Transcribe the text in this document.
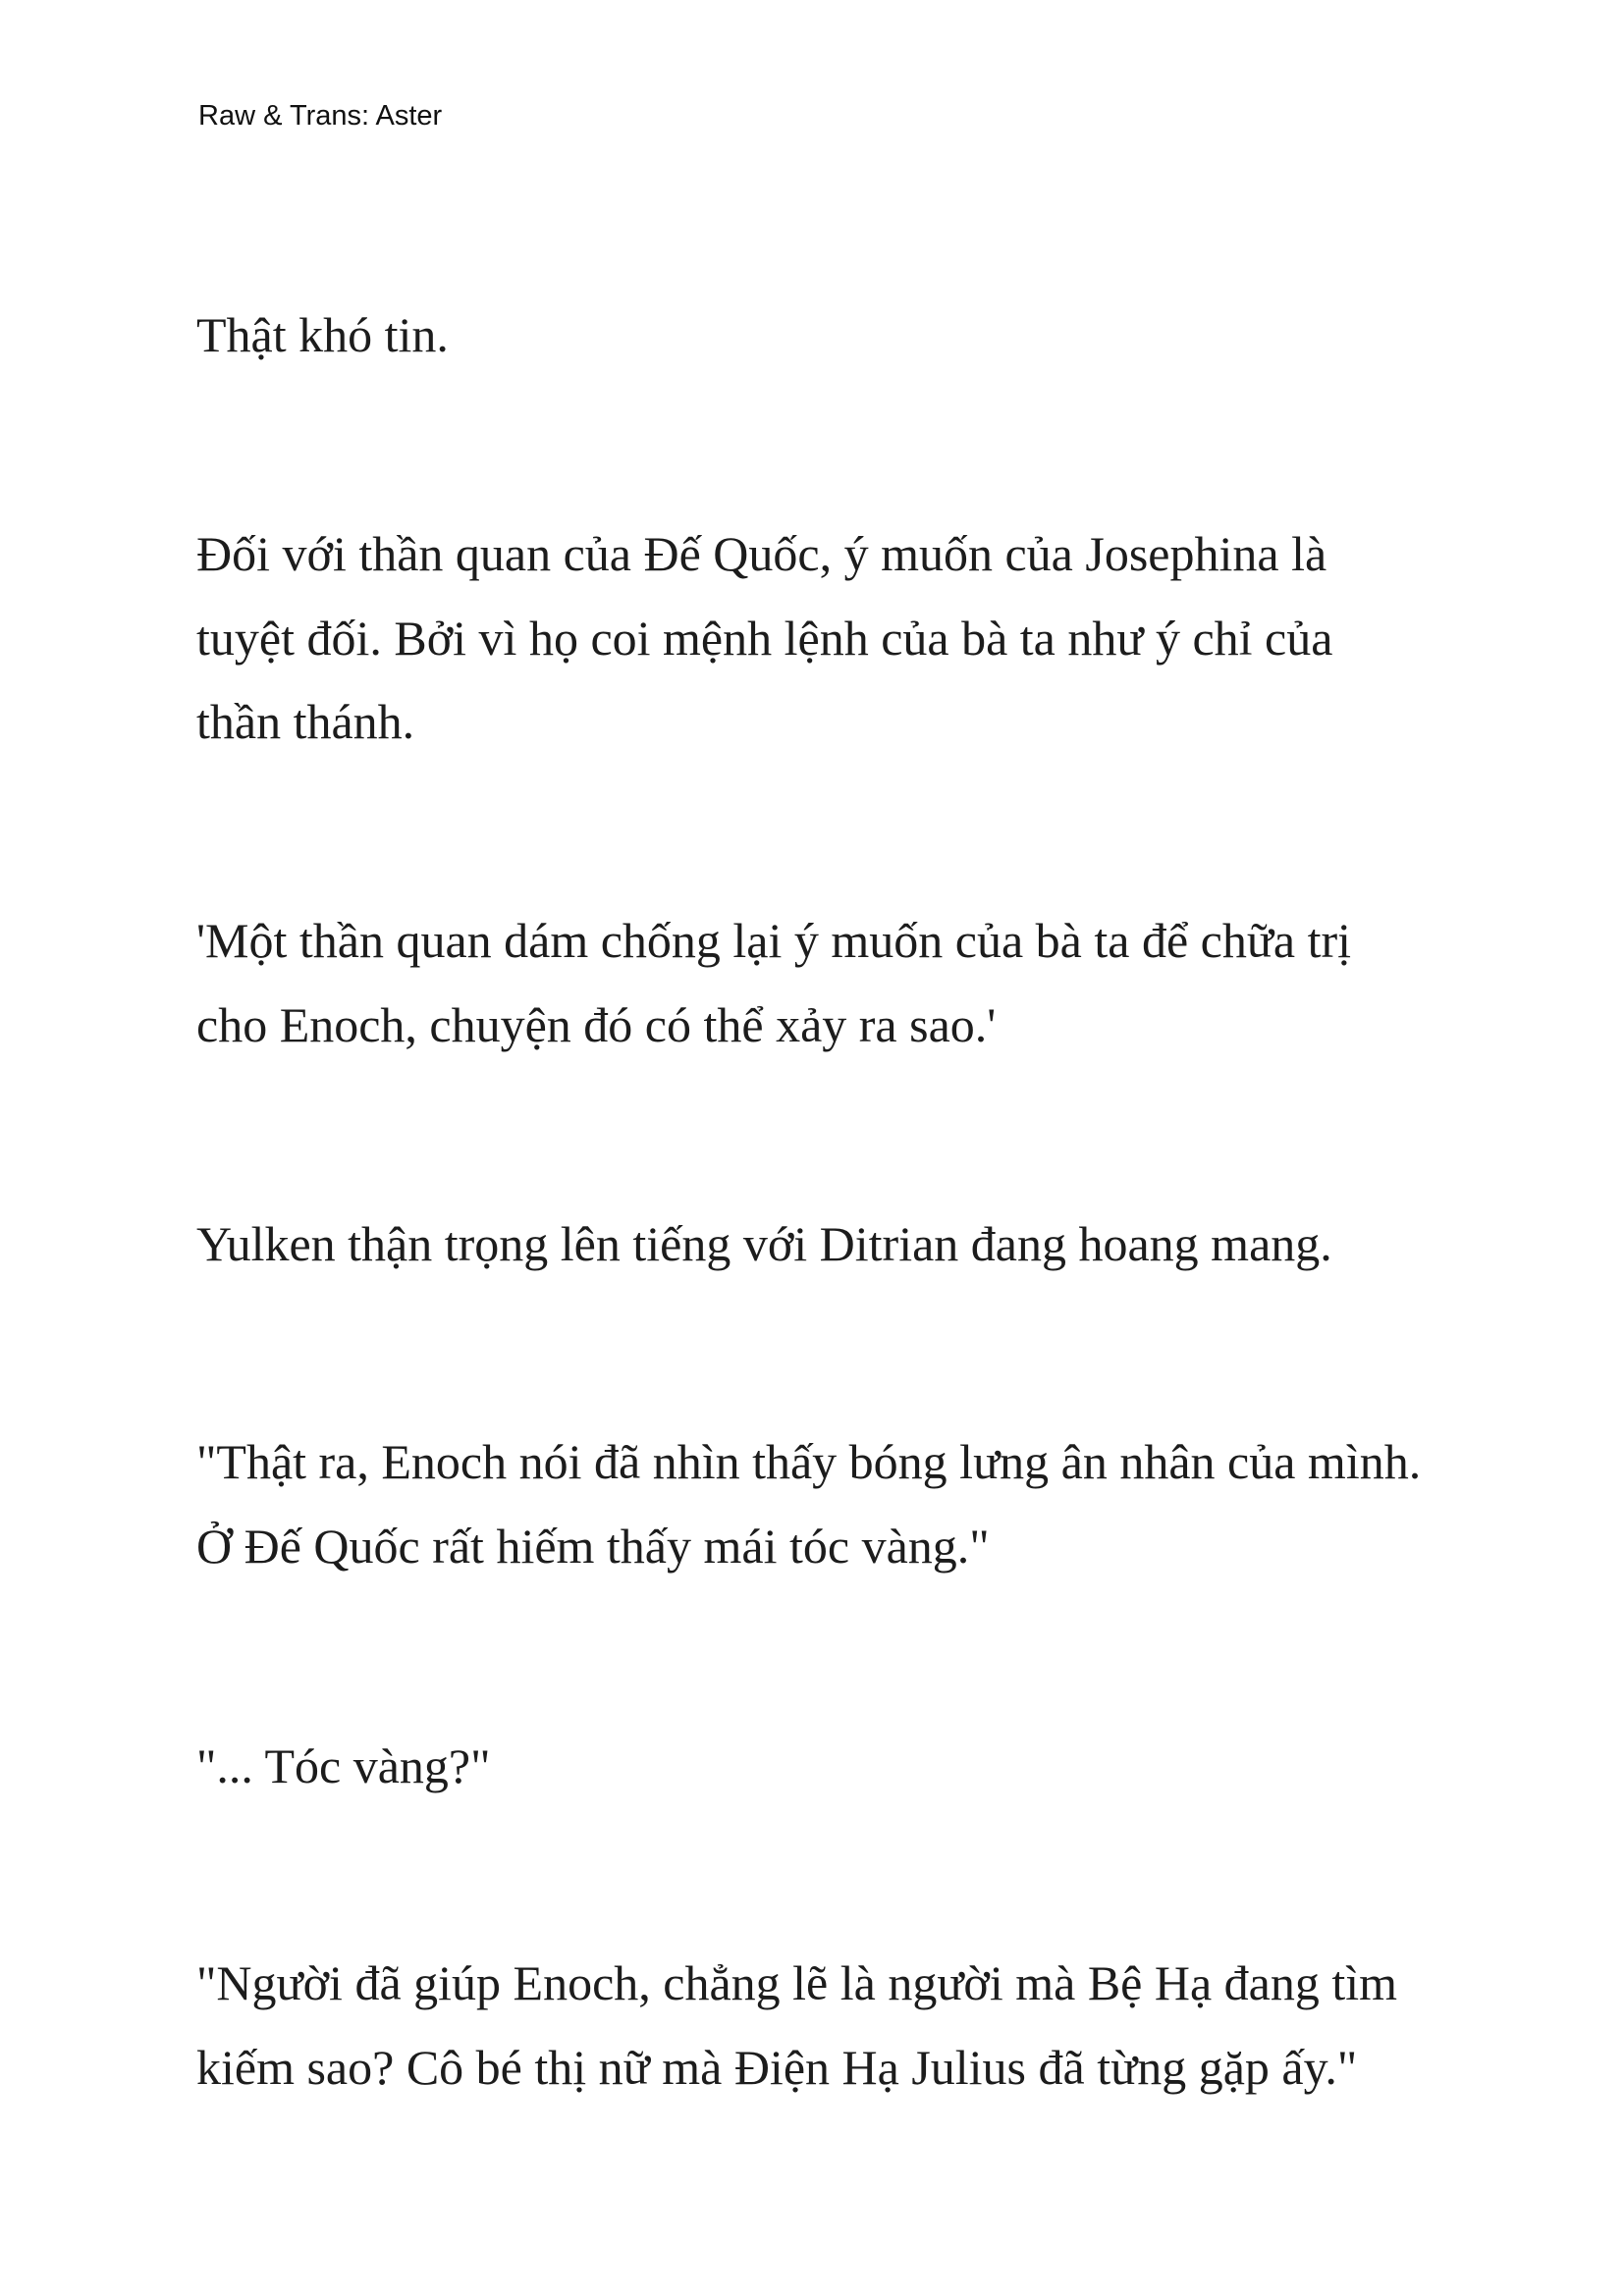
Raw & Trans: Aster
Thật khó tin.
Đối với thần quan của Đế Quốc, ý muốn của Josephina là
tuyệt đối. Bởi vì họ coi mệnh lệnh của bà ta như ý chỉ của
thần thánh.
'Một thần quan dám chống lại ý muốn của bà ta để chữa trị
cho Enoch, chuyện đó có thể xảy ra sao.'
Yulken thận trọng lên tiếng với Ditrian đang hoang mang.
"Thật ra, Enoch nói đã nhìn thấy bóng lưng ân nhân của mình.
Ở Đế Quốc rất hiếm thấy mái tóc vàng."
"... Tóc vàng?"
"Người đã giúp Enoch, chẳng lẽ là người mà Bệ Hạ đang tìm
kiếm sao? Cô bé thị nữ mà Điện Hạ Julius đã từng gặp ấy."
